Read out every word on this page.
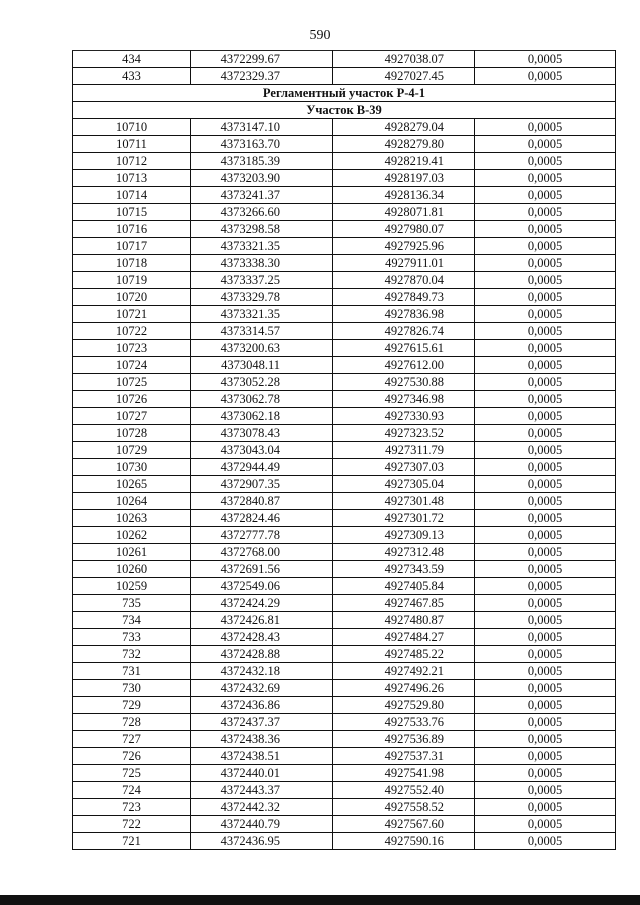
590
434	4372299.67	4927038.07	0,0005
433	4372329.37	4927027.45	0,0005
Регламентный участок Р-4-1			
Участок В-39			
10710	4373147.10	4928279.04	0,0005
10711	4373163.70	4928279.80	0,0005
10712	4373185.39	4928219.41	0,0005
10713	4373203.90	4928197.03	0,0005
10714	4373241.37	4928136.34	0,0005
10715	4373266.60	4928071.81	0,0005
10716	4373298.58	4927980.07	0,0005
10717	4373321.35	4927925.96	0,0005
10718	4373338.30	4927911.01	0,0005
10719	4373337.25	4927870.04	0,0005
10720	4373329.78	4927849.73	0,0005
10721	4373321.35	4927836.98	0,0005
10722	4373314.57	4927826.74	0,0005
10723	4373200.63	4927615.61	0,0005
10724	4373048.11	4927612.00	0,0005
10725	4373052.28	4927530.88	0,0005
10726	4373062.78	4927346.98	0,0005
10727	4373062.18	4927330.93	0,0005
10728	4373078.43	4927323.52	0,0005
10729	4373043.04	4927311.79	0,0005
10730	4372944.49	4927307.03	0,0005
10265	4372907.35	4927305.04	0,0005
10264	4372840.87	4927301.48	0,0005
10263	4372824.46	4927301.72	0,0005
10262	4372777.78	4927309.13	0,0005
10261	4372768.00	4927312.48	0,0005
10260	4372691.56	4927343.59	0,0005
10259	4372549.06	4927405.84	0,0005
735	4372424.29	4927467.85	0,0005
734	4372426.81	4927480.87	0,0005
733	4372428.43	4927484.27	0,0005
732	4372428.88	4927485.22	0,0005
731	4372432.18	4927492.21	0,0005
730	4372432.69	4927496.26	0,0005
729	4372436.86	4927529.80	0,0005
728	4372437.37	4927533.76	0,0005
727	4372438.36	4927536.89	0,0005
726	4372438.51	4927537.31	0,0005
725	4372440.01	4927541.98	0,0005
724	4372443.37	4927552.40	0,0005
723	4372442.32	4927558.52	0,0005
722	4372440.79	4927567.60	0,0005
721	4372436.95	4927590.16	0,0005
